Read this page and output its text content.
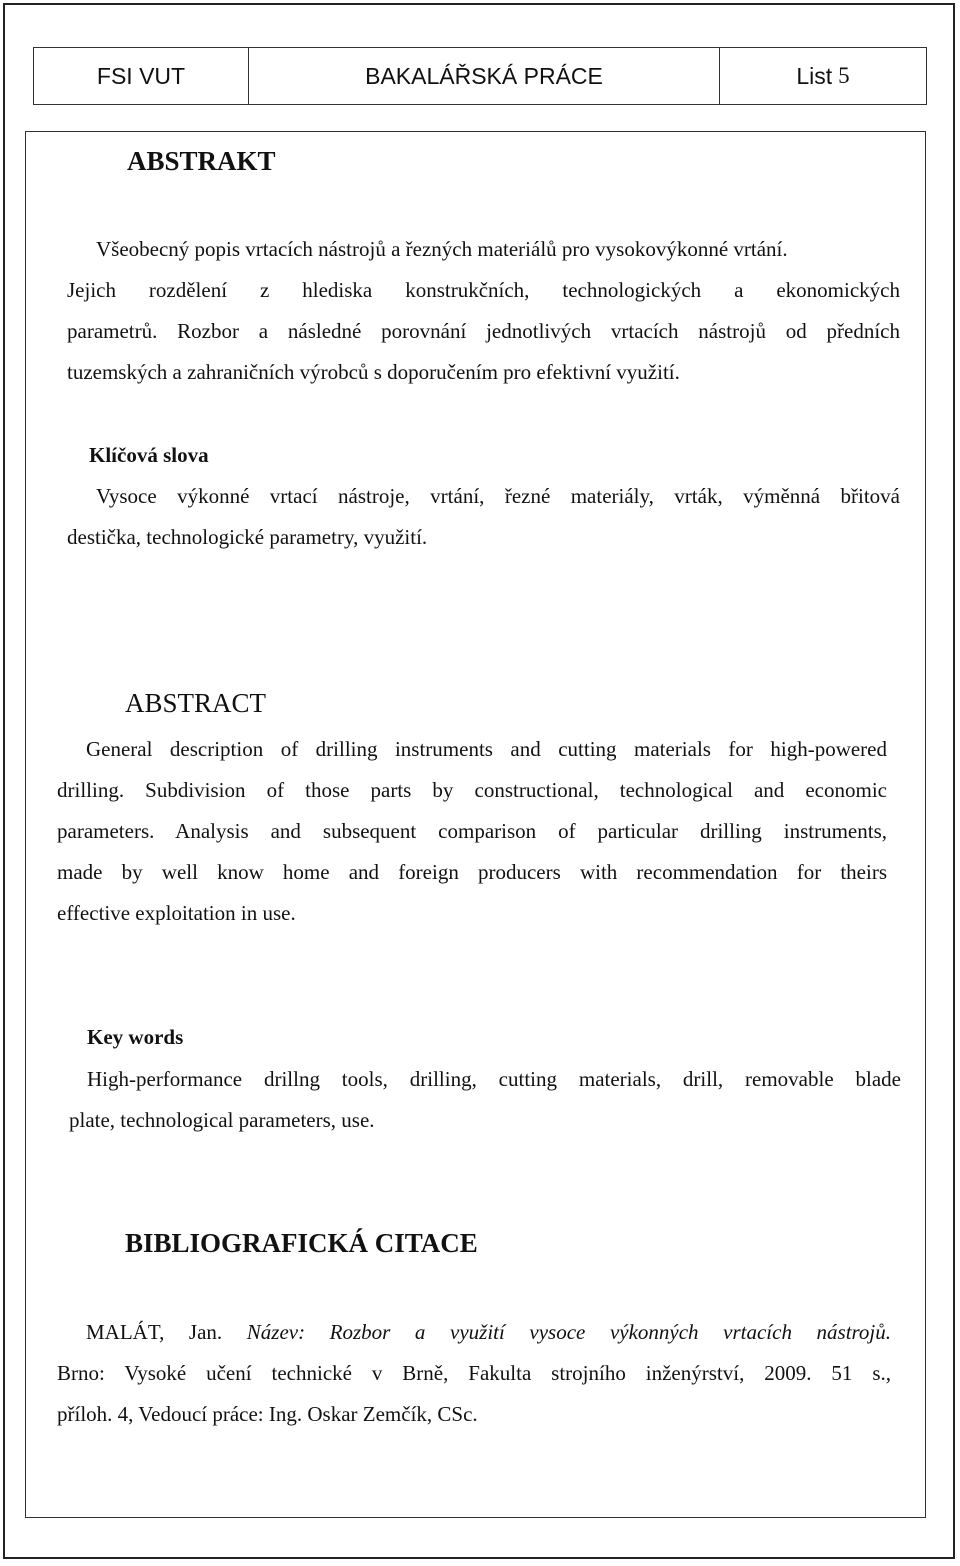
FSI VUT	BAKALÁŘSKÁ PRÁCE	List 5
ABSTRAKT
Všeobecný popis vrtacích nástrojů a řezných materiálů pro vysokovýkonné vrtání.
Jejich rozdělení z hlediska konstrukčních, technologických a ekonomických
parametrů. Rozbor a následné porovnání jednotlivých vrtacích nástrojů od předních
tuzemských a zahraničních výrobců s doporučením pro efektivní využití.
Klíčová slova
Vysoce výkonné vrtací nástroje, vrtání, řezné materiály, vrták, výměnná břitová
destička, technologické parametry, využití.
ABSTRACT
General description of drilling instruments and cutting materials for high-powered
drilling. Subdivision of those parts by constructional, technological and economic
parameters. Analysis and subsequent comparison of particular drilling instruments,
made by well know home and foreign producers with recommendation for theirs
effective exploitation in use.
Key words
High-performance drillng tools, drilling, cutting materials, drill, removable blade
plate, technological parameters, use.
BIBLIOGRAFICKÁ CITACE
MALÁT, Jan. Název: Rozbor a využití vysoce výkonných vrtacích nástrojů.
Brno: Vysoké učení technické v Brně, Fakulta strojního inženýrství, 2009. 51 s.,
příloh. 4, Vedoucí práce: Ing. Oskar Zemčík, CSc.
